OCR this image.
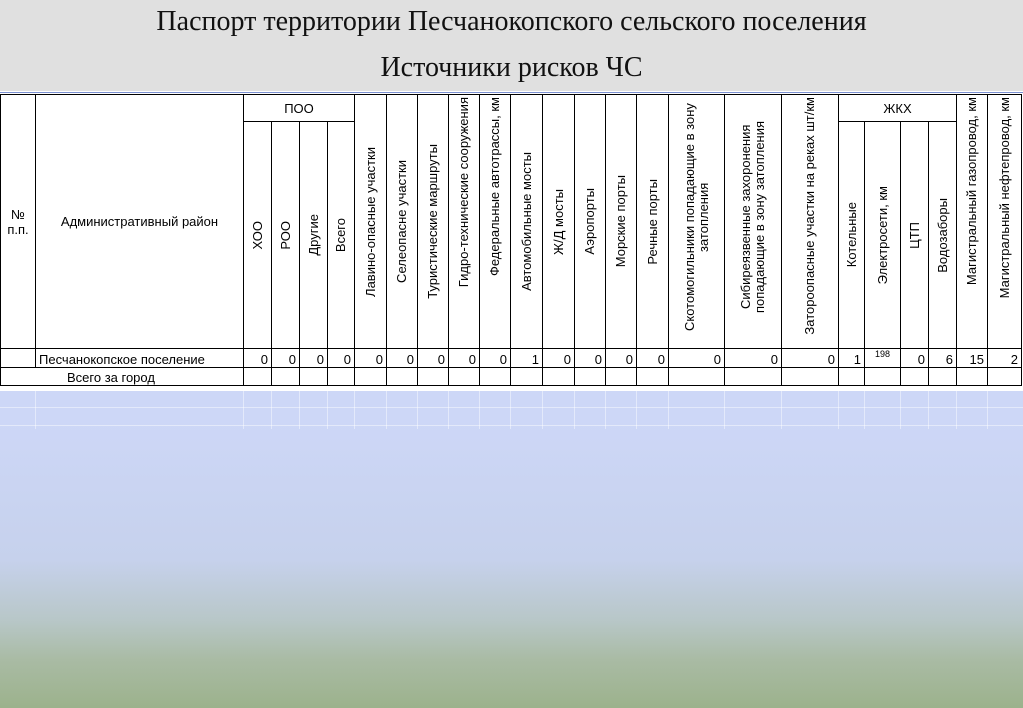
Паспорт территории Песчанокопского сельского поселения
Источники рисков ЧС
№ п.п.	Административный район	ПОО				Лавино-опасные участки	Селеопасне участки	Туристические маршруты	Гидро-технические сооружения	Федеральные автотрассы, км	Автомобильные мосты	Ж/Д мосты	Аэропорты	Морские порты	Речные порты	Скотомогильники попадающие в зону затопления	Сибиреязвенные захоронения попадающие в зону затопления	Затороопасные участки на реках шт/км	ЖКХ				Магистральный газопровод, км	Магистральный нефтепровод, км

		ХОО	РОО	Другие	Всего														Котельные	Электросети, км	ЦТП	Водозаборы		

	Песчанокопское поселение	0	0	0	0	0	0	0	0	0	1	0	0	0	0	0	0	0	1	198	0	6	15	2
Всего за город																								
